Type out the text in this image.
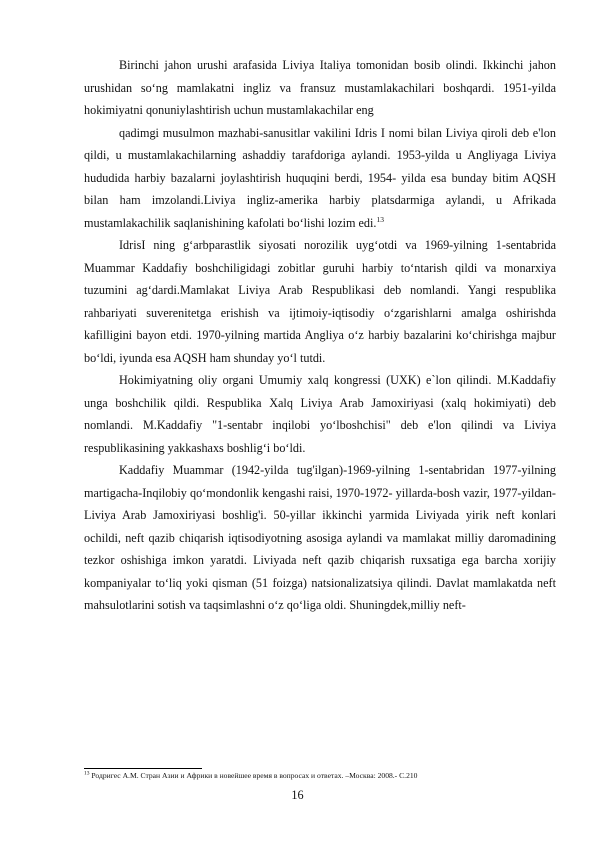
Birinchi jahon urushi arafasida Liviya Italiya tomonidan bosib olindi. Ikkinchi jahon urushidan so‘ng mamlakatni ingliz va fransuz mustamlakachilari boshqardi. 1951-yilda hokimiyatni qonuniylashtirish uchun mustamlakachilar eng

qadimgi musulmon mazhabi-sanusitlar vakilini Idris I nomi bilan Liviya qiroli deb e'lon qildi, u mustamlakachilarning ashaddiy tarafdoriga aylandi. 1953-yilda u Angliyaga Liviya hududida harbiy bazalarni joylashtirish huquqini berdi, 1954- yilda esa bunday bitim AQSH bilan ham imzolandi.Liviya ingliz-amerika harbiy platsdarmiga aylandi, u Afrikada mustamlakachilik saqlanishining kafolati bo‘lishi lozim edi.$^{13}$

IdrisI ning g‘arbparastlik siyosati norozilik uyg‘otdi va 1969-yilning 1-sentabrida Muammar Kaddafiy boshchiligidagi zobitlar guruhi harbiy to‘ntarish qildi va monarxiya tuzumini ag‘dardi.Mamlakat Liviya Arab Respublikasi deb nomlandi. Yangi respublika rahbariyati suverenitetga erishish va ijtimoiy-iqtisodiy o‘zgarishlarni amalga oshirishda kafilligini bayon etdi. 1970-yilning martida Angliya o‘z harbiy bazalarini ko‘chirishga majbur bo‘ldi, iyunda esa AQSH ham shunday yo‘l tutdi.

Hokimiyatning oliy organi Umumiy xalq kongressi (UXK) e`lon qilindi. M.Kaddafiy unga boshchilik qildi. Respublika Xalq Liviya Arab Jamoxiriyasi (xalq hokimiyati) deb nomlandi. M.Kaddafiy "1-sentabr inqilobi yo‘lboshchisi" deb e'lon qilindi va Liviya respublikasining yakkashaxs boshlig‘i bo‘ldi.

Kaddafiy Muammar (1942-yilda tug'ilgan)-1969-yilning 1-sentabridan 1977-yilning martigacha-Inqilobiy qo‘mondonlik kengashi raisi, 1970-1972- yillarda-bosh vazir, 1977-yildan-Liviya Arab Jamoxiriyasi boshlig'i. 50-yillar ikkinchi yarmida Liviyada yirik neft konlari ochildi, neft qazib chiqarish iqtisodiyotning asosiga aylandi va mamlakat milliy daromadining tezkor oshishiga imkon yaratdi. Liviyada neft qazib chiqarish ruxsatiga ega barcha xorijiy kompaniyalar to‘liq yoki qisman (51 foizga) natsionalizatsiya qilindi. Davlat mamlakatda neft mahsulotlarini sotish va taqsimlashni o‘z qo‘liga oldi. Shuningdek,milliy neft-

$^{13}$ Родригес А.М. Стран Азии и Африки в новейшее время в вопросах и ответах. –Москва: 2008.- С.210
16
